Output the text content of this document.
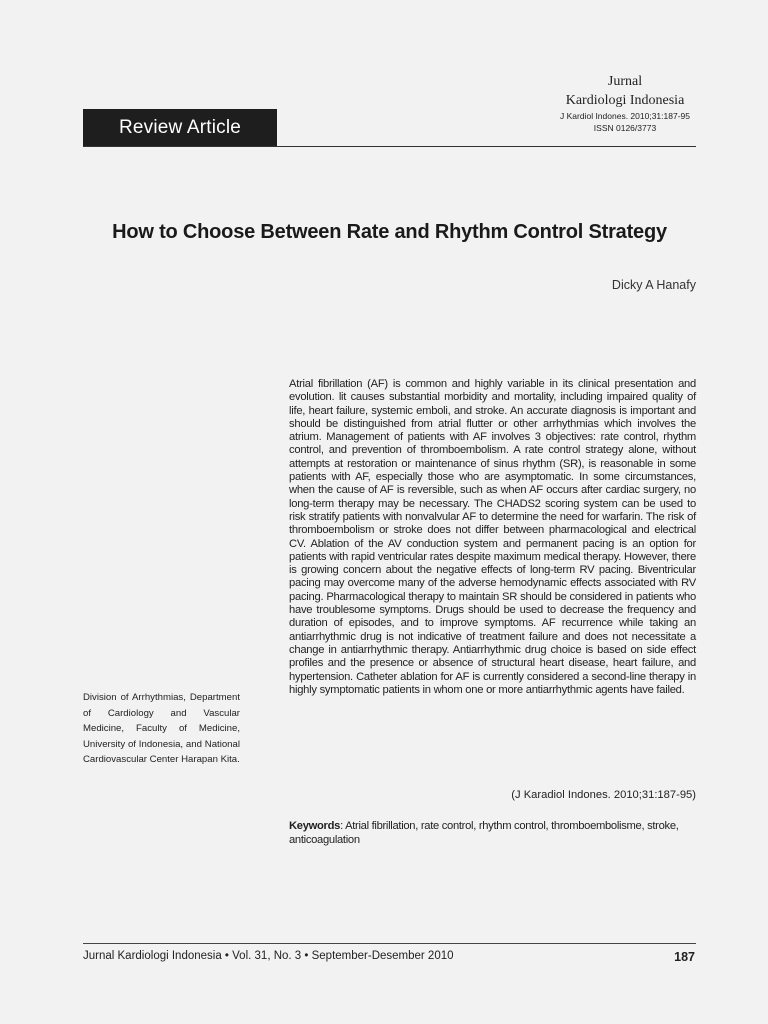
Review Article
Jurnal
Kardiologi Indonesia
J Kardiol Indones. 2010;31:187-95
ISSN 0126/3773
How to Choose Between Rate and Rhythm Control Strategy
Dicky A Hanafy

Atrial fibrillation (AF) is common and highly variable in its clinical presentation and evolution. lit causes substantial morbidity and mortality, including impaired quality of life, heart failure, systemic emboli, and stroke. An accurate diagnosis is important and should be distinguished from atrial flutter or other arrhythmias which involves the atrium. Management of patients with AF involves 3 objectives: rate control, rhythm control, and prevention of thromboembolism. A rate control strategy alone, without attempts at restoration or maintenance of sinus rhythm (SR), is reasonable in some patients with AF, especially those who are asymptomatic. In some circumstances, when the cause of AF is reversible, such as when AF occurs after cardiac surgery, no long-term therapy may be necessary. The CHADS2 scoring system can be used to risk stratify patients with nonvalvular AF to determine the need for warfarin. The risk of thromboembolism or stroke does not differ between pharmacological and electrical CV. Ablation of the AV conduction system and permanent pacing is an option for patients with rapid ventricular rates despite maximum medical therapy. However, there is growing concern about the negative effects of long-term RV pacing. Biventricular pacing may overcome many of the adverse hemodynamic effects associated with RV pacing. Pharmacological therapy to maintain SR should be considered in patients who have troublesome symptoms. Drugs should be used to decrease the frequency and duration of episodes, and to improve symptoms. AF recurrence while taking an antiarrhythmic drug is not indicative of treatment failure and does not necessitate a change in antiarrhythmic therapy. Antiarrhythmic drug choice is based on side effect profiles and the presence or absence of structural heart disease, heart failure, and hypertension. Catheter ablation for AF is currently considered a second-line therapy in highly symptomatic patients in whom one or more antiarrhythmic agents have failed.

(J Karadiol Indones. 2010;31:187-95)
Keywords: Atrial fibrillation, rate control, rhythm control, thromboembolisme, stroke, anticoagulation
Division of Arrhythmias, Department of Cardiology and Vascular Medicine, Faculty of Medicine, University of Indonesia, and National Cardiovascular Center Harapan Kita.
Jurnal Kardiologi Indonesia • Vol. 31, No. 3 • September-Desember 2010	187
